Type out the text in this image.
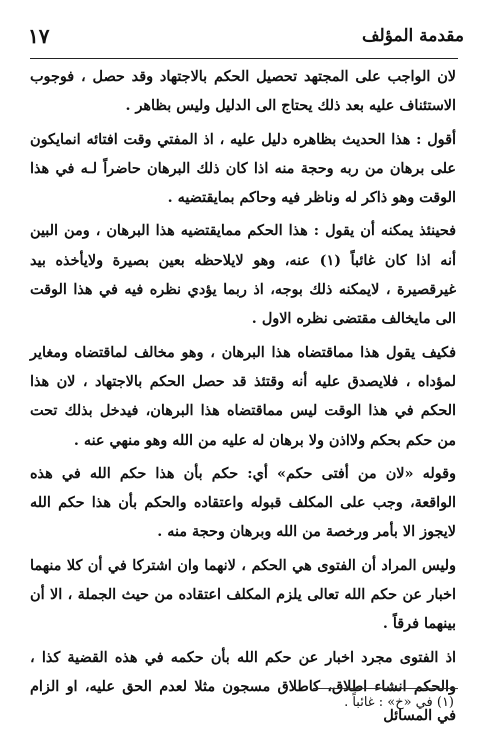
مقدمة المؤلف
١٧

لان الواجب على المجتهد تحصيل الحكم بالاجتهاد وقد حصل ، فوجوب الاستئناف عليه بعد ذلك يحتاج الى الدليل وليس بظاهر .

أقول : هذا الحديث بظاهره دليل عليه ، اذ المفتي وقت افتائه انمايكون على برهان من ربه وحجة منه اذا كان ذلك البرهان حاضراً لـه في هذا الوقت وهو ذاكر له وناظر فيه وحاكم بمايقتضيه .

فحينئذ يمكنه أن يقول : هذا الحكم ممايقتضيه هذا البرهان ، ومن البين أنه اذا كان غائباً (١) عنه، وهو لايلاحظه بعين بصيرة ولايأخذه بيد غيرقصيرة ، لايمكنه ذلك بوجه، اذ ربما يؤدي نظره فيه في هذا الوقت الى مايخالف مقتضى نظره الاول .

فكيف يقول هذا مماقتضاه هذا البرهان ، وهو مخالف لماقتضاه ومغاير لمؤداه ، فلايصدق عليه أنه وقتئذ قد حصل الحكم بالاجتهاد ، لان هذا الحكم في هذا الوقت ليس مماقتضاه هذا البرهان، فيدخل بذلك تحت من حكم بحكم ولااذن ولا برهان له عليه من الله وهو منهي عنه .

وقوله «لان من أفتى حكم» أي: حكم بأن هذا حكم الله في هذه الواقعة، وجب على المكلف قبوله واعتقاده والحكم بأن هذا حكم الله لايجوز الا بأمر ورخصة من الله وبرهان وحجة منه .

وليس المراد أن الفتوى هي الحكم ، لانهما وان اشتركا في أن كلا منهما اخبار عن حكم الله تعالى يلزم المكلف اعتقاده من حيث الجملة ، الا أن بينهما فرقاً .

اذ الفتوى مجرد اخبار عن حكم الله بأن حكمه في هذه القضية كذا ، والحكم انشاء اطلاق، كاطلاق مسجون مثلا لعدم الحق عليه، او الزام في المسائل

(١) في «خ» : غائباً .
